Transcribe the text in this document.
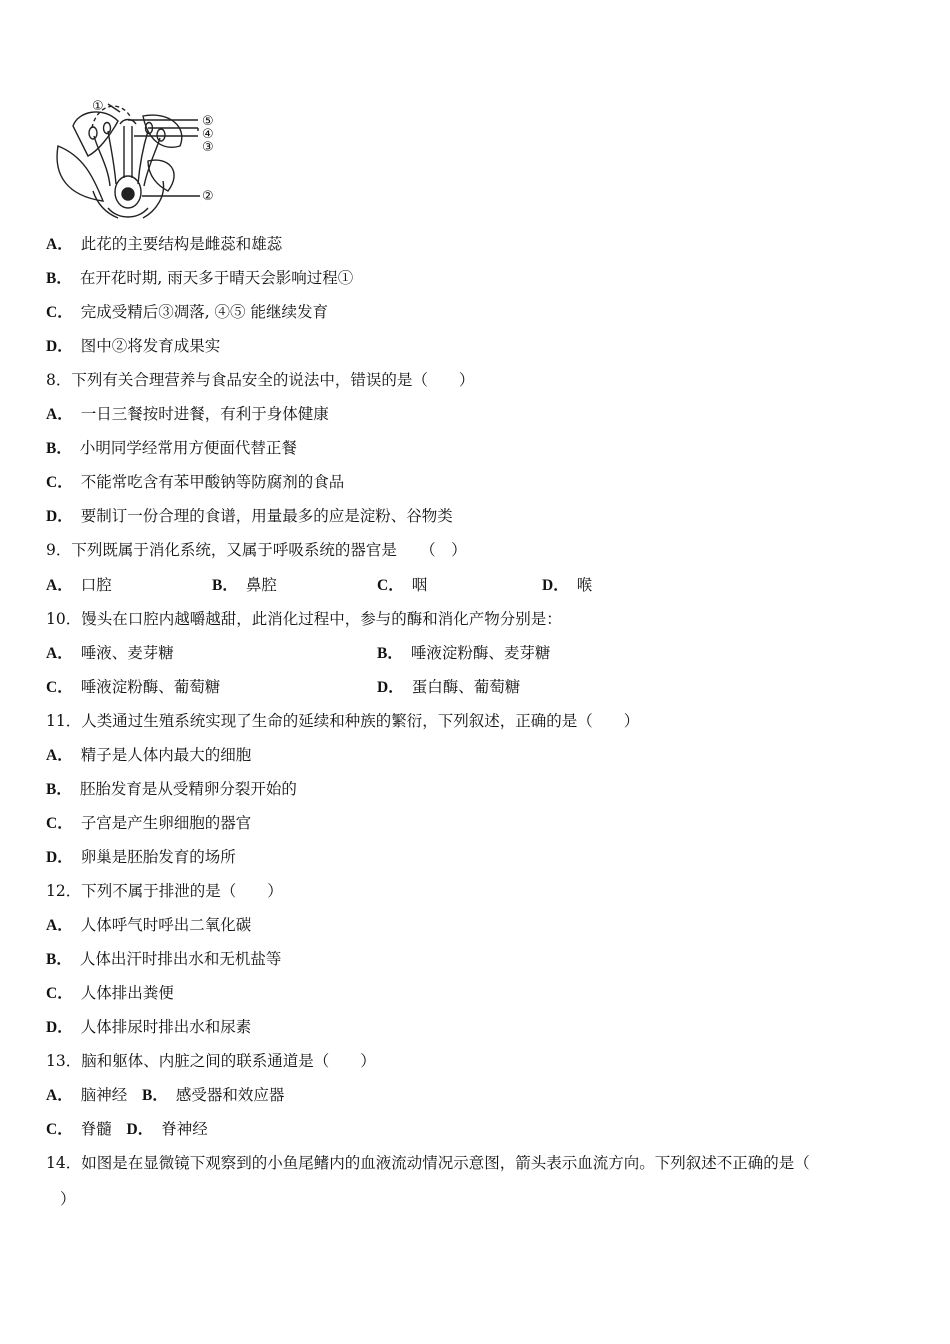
①
⑤
④
③
②
A． 此花的主要结构是雌蕊和雄蕊
B． 在开花时期, 雨天多于晴天会影响过程①
C． 完成受精后③凋落, ④⑤ 能继续发育
D． 图中②将发育成果实
8．下列有关合理营养与食品安全的说法中，错误的是（　　）
A． 一日三餐按时进餐，有利于身体健康
B． 小明同学经常用方便面代替正餐
C． 不能常吃含有苯甲酸钠等防腐剂的食品
D． 要制订一份合理的食谱，用量最多的应是淀粉、谷物类
9．下列既属于消化系统，又属于呼吸系统的器官是　　（　）
A． 口腔	B． 鼻腔	C． 咽	D． 喉
10．馒头在口腔内越嚼越甜，此消化过程中，参与的酶和消化产物分别是：
A． 唾液、麦芽糖	B． 唾液淀粉酶、麦芽糖
C． 唾液淀粉酶、葡萄糖	D． 蛋白酶、葡萄糖
11．人类通过生殖系统实现了生命的延续和种族的繁衍，下列叙述，正确的是（　　）
A． 精子是人体内最大的细胞
B． 胚胎发育是从受精卵分裂开始的
C． 子宫是产生卵细胞的器官
D． 卵巢是胚胎发育的场所
12．下列不属于排泄的是（　　）
A． 人体呼气时呼出二氧化碳
B． 人体出汗时排出水和无机盐等
C． 人体排出粪便
D． 人体排尿时排出水和尿素
13．脑和躯体、内脏之间的联系通道是（　　）
A． 脑神经 B． 感受器和效应器
C． 脊髓 D． 脊神经
14．如图是在显微镜下观察到的小鱼尾鳍内的血液流动情况示意图，箭头表示血流方向。下列叙述不正确的是（
）
